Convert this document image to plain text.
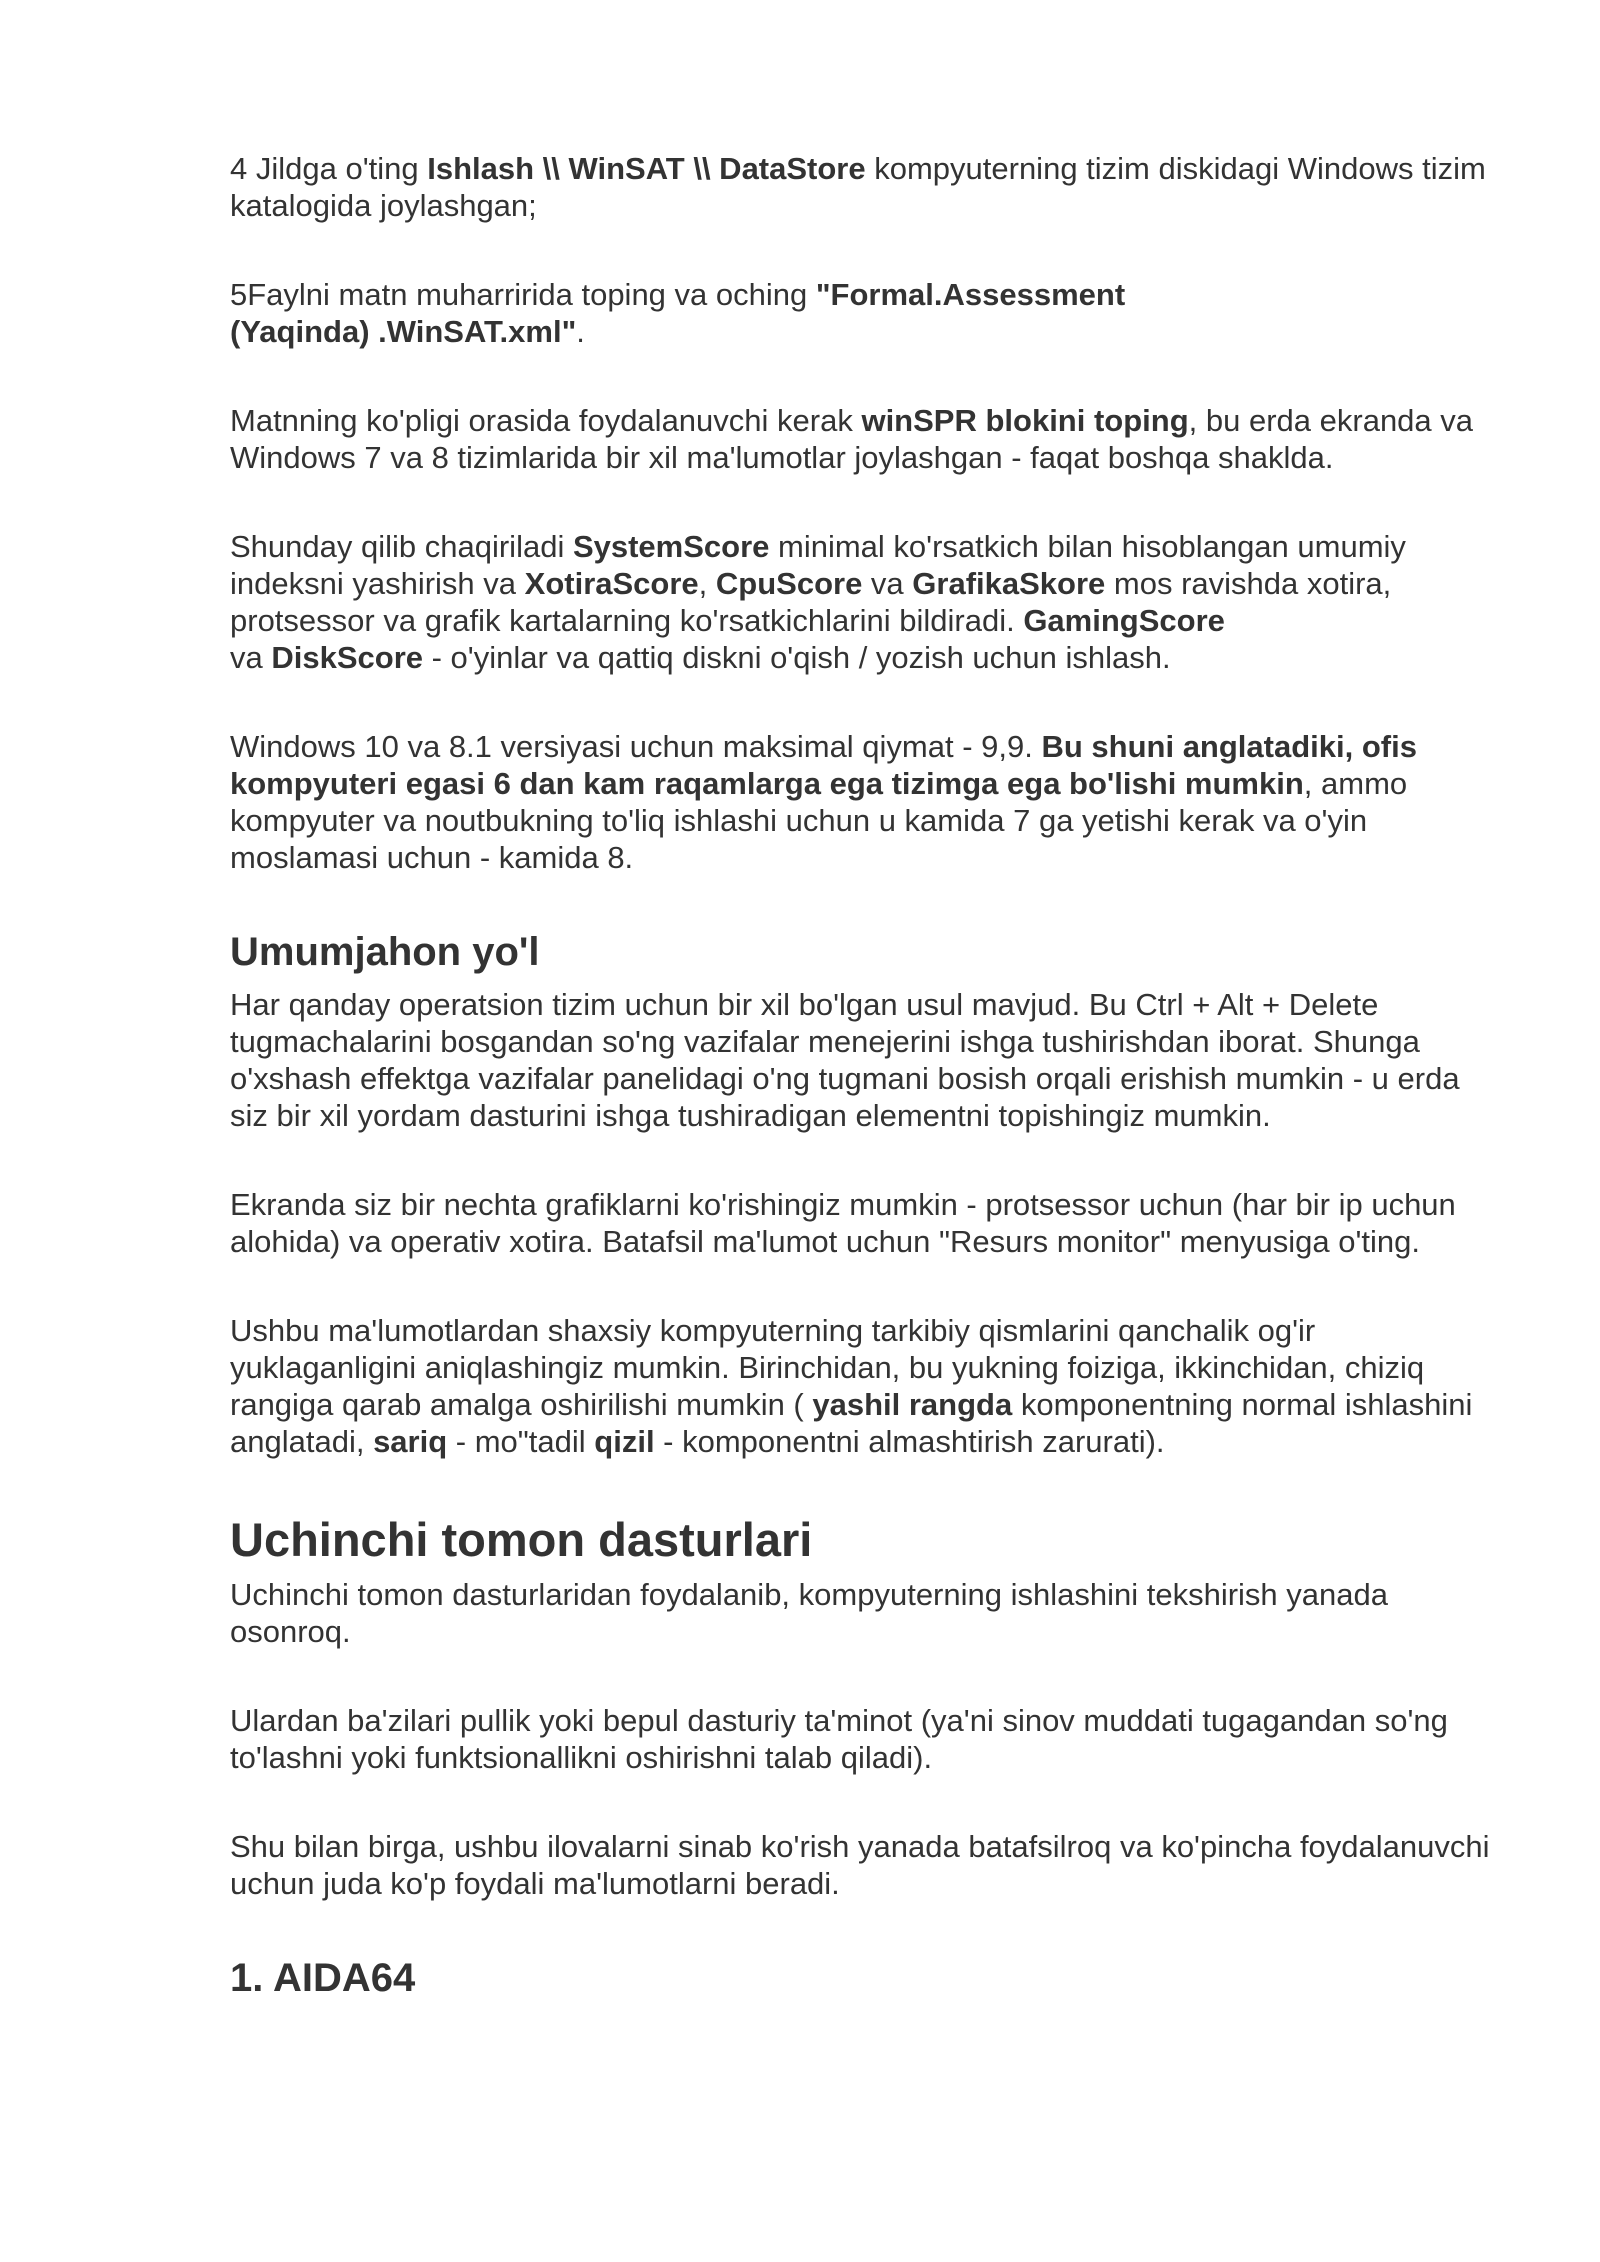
4 Jildga o'ting Ishlash \\ WinSAT \\ DataStore kompyuterning tizim diskidagi Windows tizim katalogida joylashgan;

5Faylni matn muharririda toping va oching "Formal.Assessment
(Yaqinda) .WinSAT.xml".

Matnning ko'pligi orasida foydalanuvchi kerak winSPR blokini toping, bu erda ekranda va Windows 7 va 8 tizimlarida bir xil ma'lumotlar joylashgan - faqat boshqa shaklda.

Shunday qilib chaqiriladi SystemScore minimal ko'rsatkich bilan hisoblangan umumiy indeksni yashirish va XotiraScore, CpuScore va GrafikaSkore mos ravishda xotira, protsessor va grafik kartalarning ko'rsatkichlarini bildiradi. GamingScore
va DiskScore - o'yinlar va qattiq diskni o'qish / yozish uchun ishlash.

Windows 10 va 8.1 versiyasi uchun maksimal qiymat - 9,9. Bu shuni anglatadiki, ofis kompyuteri egasi 6 dan kam raqamlarga ega tizimga ega bo'lishi mumkin, ammo kompyuter va noutbukning to'liq ishlashi uchun u kamida 7 ga yetishi kerak va o'yin moslamasi uchun - kamida 8.

Umumjahon yo'l

Har qanday operatsion tizim uchun bir xil bo'lgan usul mavjud. Bu Ctrl + Alt + Delete tugmachalarini bosgandan so'ng vazifalar menejerini ishga tushirishdan iborat. Shunga o'xshash effektga vazifalar panelidagi o'ng tugmani bosish orqali erishish mumkin - u erda siz bir xil yordam dasturini ishga tushiradigan elementni topishingiz mumkin.

Ekranda siz bir nechta grafiklarni ko'rishingiz mumkin - protsessor uchun (har bir ip uchun alohida) va operativ xotira. Batafsil ma'lumot uchun "Resurs monitor" menyusiga o'ting.

Ushbu ma'lumotlardan shaxsiy kompyuterning tarkibiy qismlarini qanchalik og'ir yuklaganligini aniqlashingiz mumkin. Birinchidan, bu yukning foiziga, ikkinchidan, chiziq rangiga qarab amalga oshirilishi mumkin ( yashil rangda komponentning normal ishlashini anglatadi, sariq - mo"tadil qizil - komponentni almashtirish zarurati).

Uchinchi tomon dasturlari

Uchinchi tomon dasturlaridan foydalanib, kompyuterning ishlashini tekshirish yanada osonroq.

Ulardan ba'zilari pullik yoki bepul dasturiy ta'minot (ya'ni sinov muddati tugagandan so'ng to'lashni yoki funktsionallikni oshirishni talab qiladi).

Shu bilan birga, ushbu ilovalarni sinab ko'rish yanada batafsilroq va ko'pincha foydalanuvchi uchun juda ko'p foydali ma'lumotlarni beradi.

1. AIDA64
